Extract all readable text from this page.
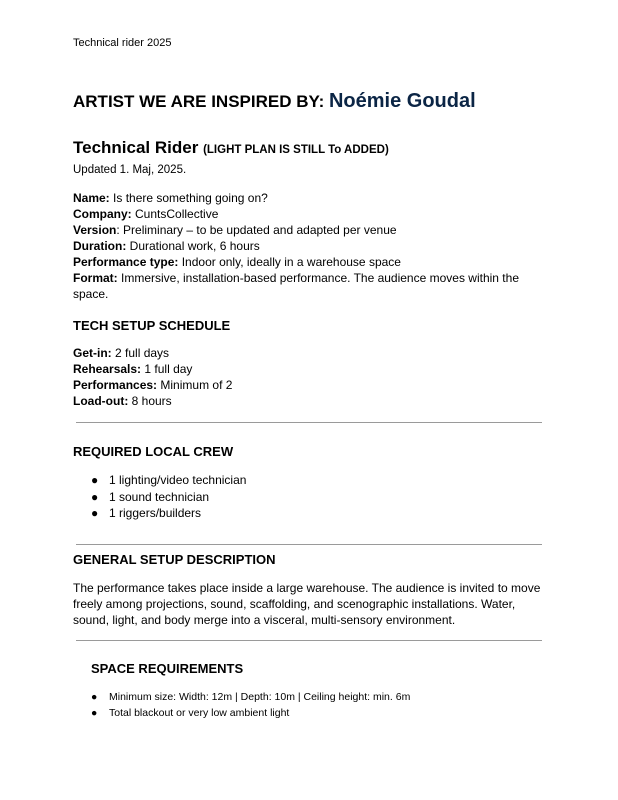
Technical rider 2025
ARTIST WE ARE INSPIRED BY: Noémie Goudal
Technical Rider (LIGHT PLAN IS STILL To ADDED)
Updated 1. Maj, 2025.

Name: Is there something going on?

Company: CuntsCollective

Version: Preliminary – to be updated and adapted per venue

Duration: Durational work, 6 hours

Performance type: Indoor only, ideally in a warehouse space

Format: Immersive, installation-based performance. The audience moves within the space.

TECH SETUP SCHEDULE
Get-in: 2 full days
Rehearsals: 1 full day
Performances: Minimum of 2
Load-out: 8 hours
REQUIRED LOCAL CREW
● 1 lighting/video technician
● 1 sound technician
● 1 riggers/builders
GENERAL SETUP DESCRIPTION
The performance takes place inside a large warehouse. The audience is invited to move freely among projections, sound, scaffolding, and scenographic installations. Water, sound, light, and body merge into a visceral, multi-sensory environment.
SPACE REQUIREMENTS
● Minimum size: Width: 12m | Depth: 10m | Ceiling height: min. 6m
● Total blackout or very low ambient light
